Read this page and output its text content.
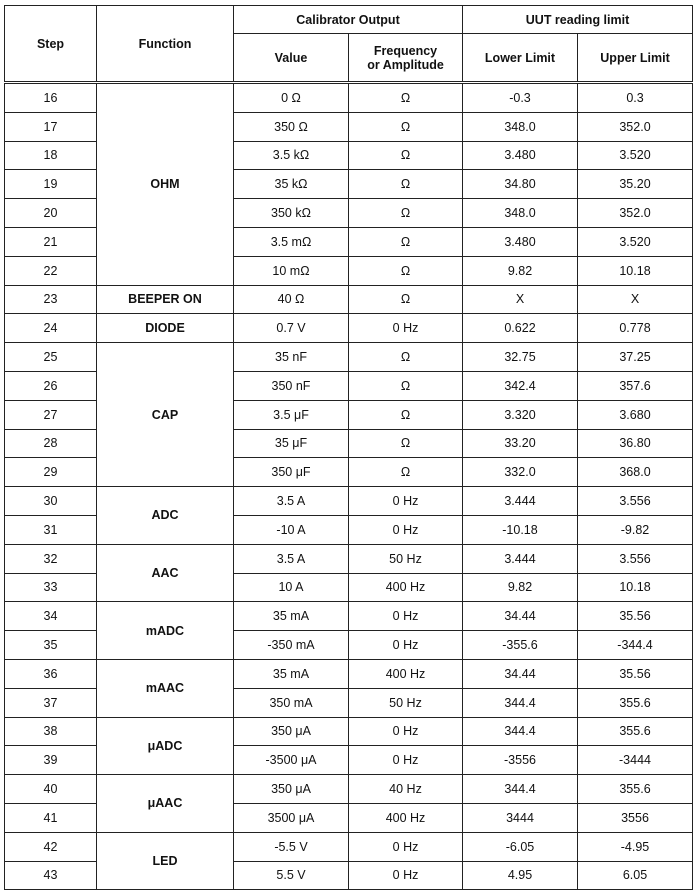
Step	Function	Calibrator Output		UUT reading limit	
		Value	Frequency or Amplitude	Lower Limit	Upper Limit
16	OHM	0 Ω	Ω	-0.3	0.3
17		350 Ω	Ω	348.0	352.0
18		3.5 kΩ	Ω	3.480	3.520
19		35 kΩ	Ω	34.80	35.20
20		350 kΩ	Ω	348.0	352.0
21		3.5 mΩ	Ω	3.480	3.520
22		10 mΩ	Ω	9.82	10.18
23	BEEPER ON	40 Ω	Ω	X	X
24	DIODE	0.7 V	0 Hz	0.622	0.778
25	CAP	35 nF	Ω	32.75	37.25
26		350 nF	Ω	342.4	357.6
27		3.5 μF	Ω	3.320	3.680
28		35 μF	Ω	33.20	36.80
29		350 μF	Ω	332.0	368.0
30	ADC	3.5 A	0 Hz	3.444	3.556
31		-10 A	0 Hz	-10.18	-9.82
32	AAC	3.5 A	50 Hz	3.444	3.556
33		10 A	400 Hz	9.82	10.18
34	mADC	35 mA	0 Hz	34.44	35.56
35		-350 mA	0 Hz	-355.6	-344.4
36	mAAC	35 mA	400 Hz	34.44	35.56
37		350 mA	50 Hz	344.4	355.6
38	μADC	350 μA	0 Hz	344.4	355.6
39		-3500 μA	0 Hz	-3556	-3444
40	μAAC	350 μA	40 Hz	344.4	355.6
41		3500 μA	400 Hz	3444	3556
42	LED	-5.5 V	0 Hz	-6.05	-4.95
43		5.5 V	0 Hz	4.95	6.05
